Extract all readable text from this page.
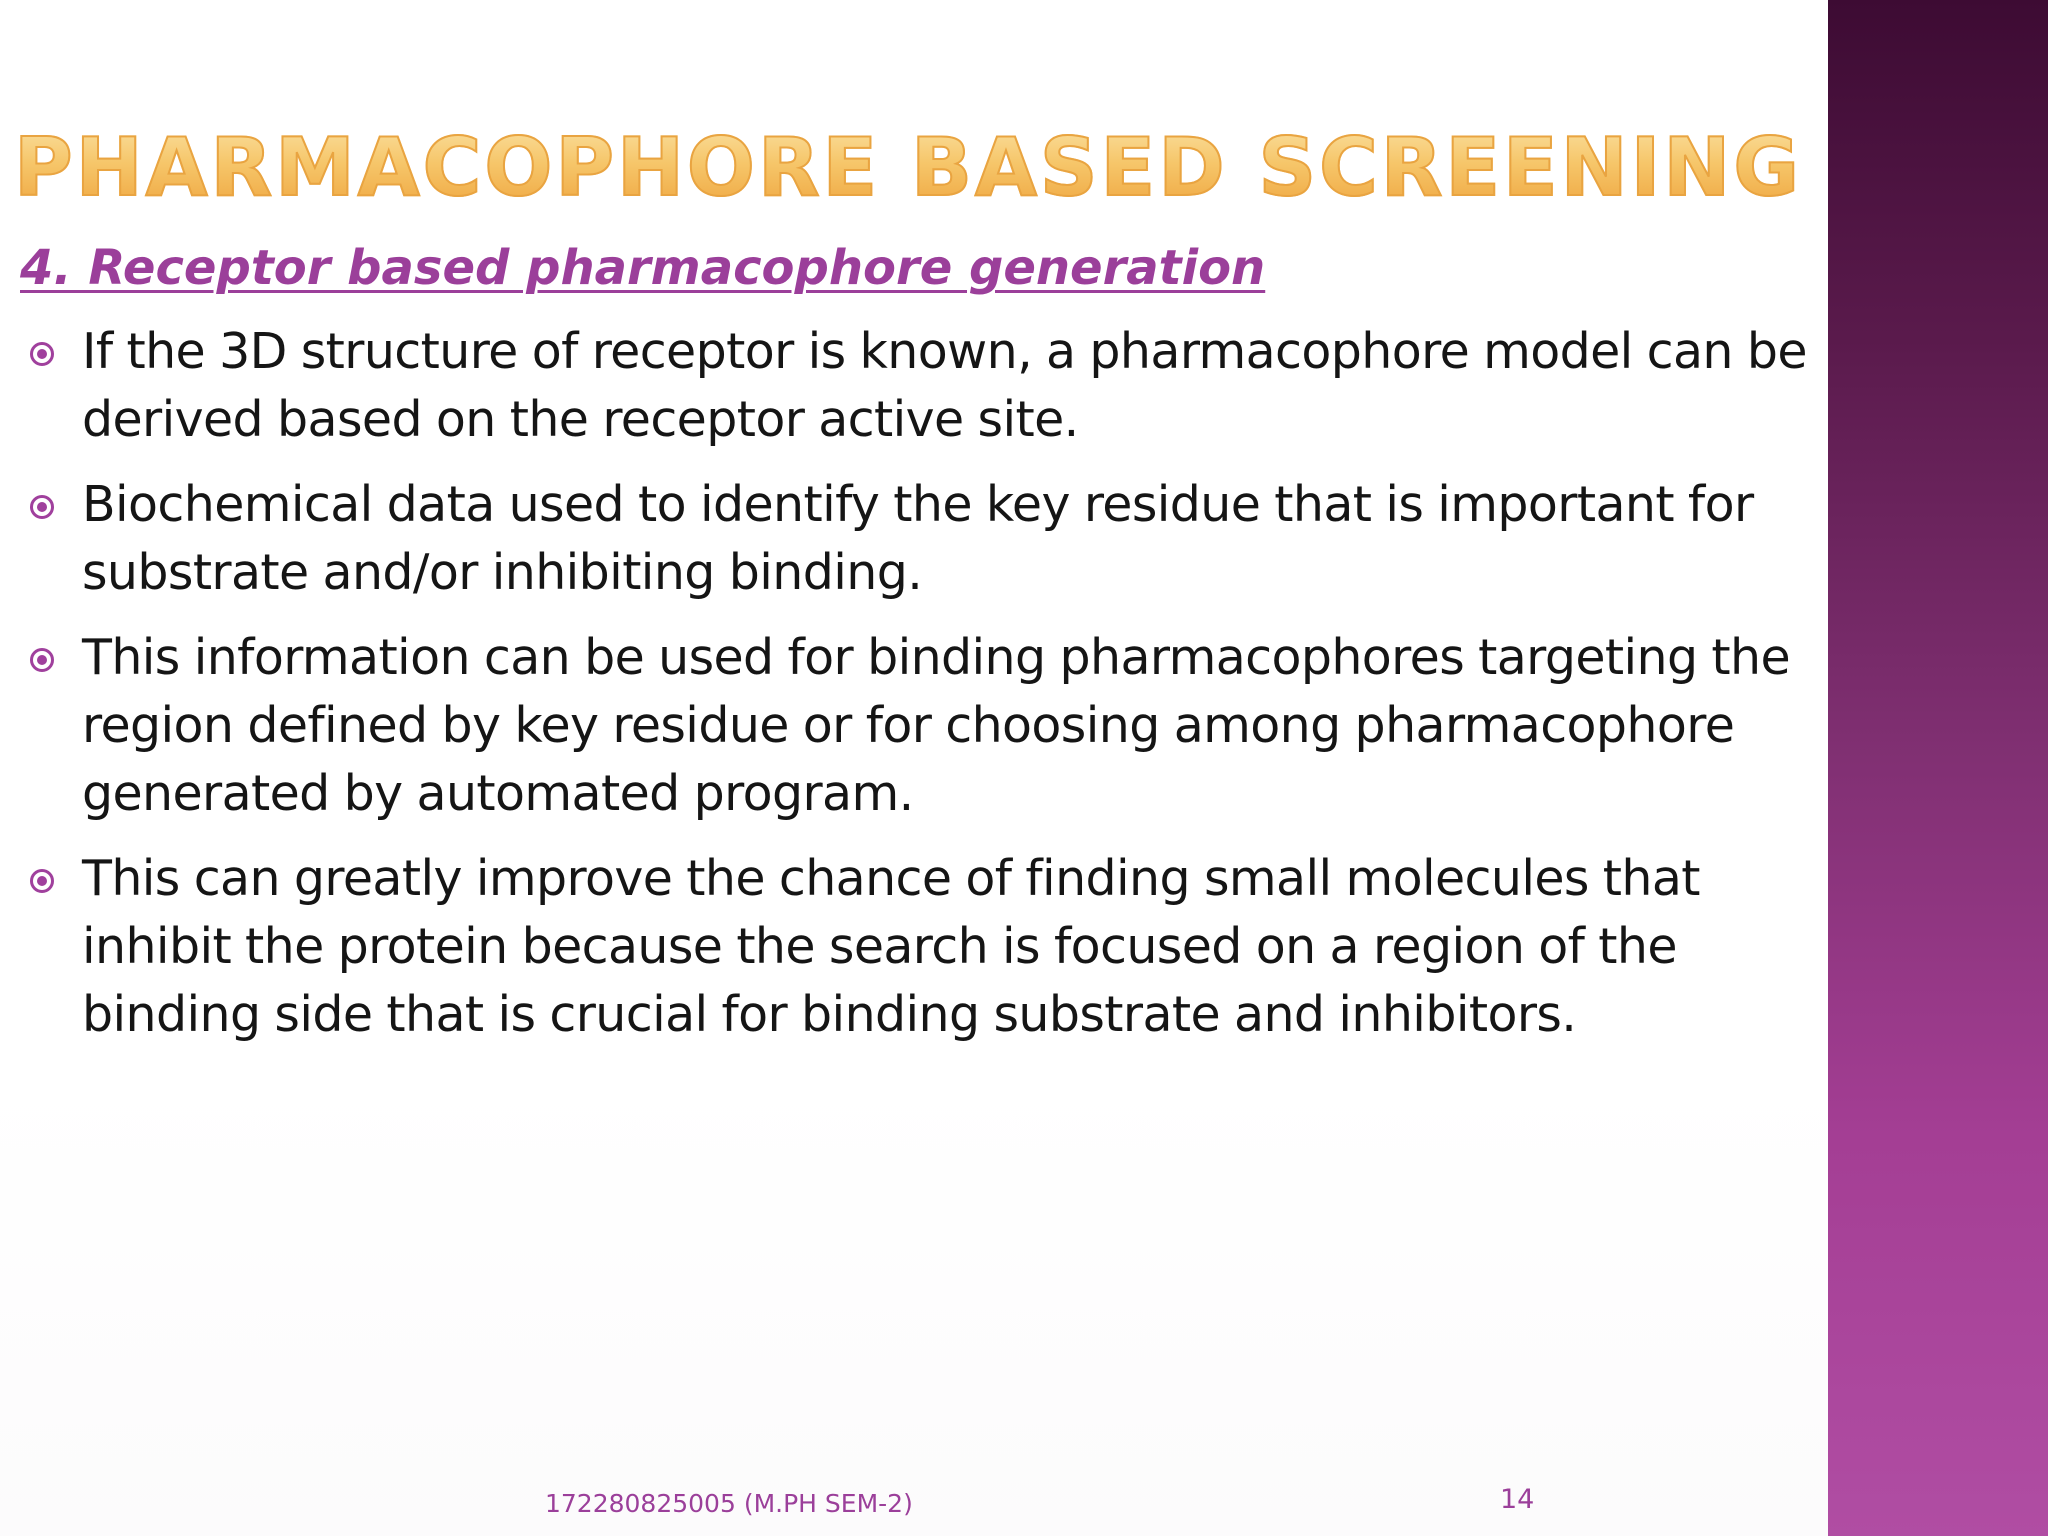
PHARMACOPHORE BASED SCREENING
4. Receptor based pharmacophore generation
If the 3D structure of receptor is known, a pharmacophore model can be derived based on the receptor active site.
Biochemical data used to identify the key residue that is important for substrate and/or inhibiting binding.
This information can be used for binding pharmacophores targeting the region defined by key residue or for choosing among pharmacophore generated by automated program.
This can greatly improve the chance of finding small molecules that inhibit the protein because the search is focused on a region of the binding side that is crucial for binding substrate and inhibitors.
172280825005 (M.PH SEM-2)	14
